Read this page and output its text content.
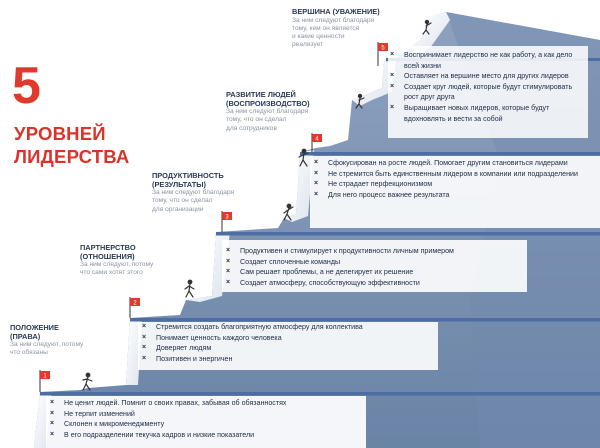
1
2
3
4
5
5
УРОВНЕЙ
ЛИДЕРСТВА
ПОЛОЖЕНИЕ
(ПРАВА)
За ним следуют, потому
что обязаны
ПАРТНЕРСТВО
(ОТНОШЕНИЯ)
За ним следуют, потому
что сами хотят этого
ПРОДУКТИВНОСТЬ
(РЕЗУЛЬТАТЫ)
За ним следуют благодаря
тому, что он сделал
для организации
РАЗВИТИЕ ЛЮДЕЙ
(ВОСПРОИЗВОДСТВО)
За ним следуют благодаря
тому, что он сделал
для сотрудников
ВЕРШИНА (УВАЖЕНИЕ)
За ним следуют благодаря
тому, кем он является
и какие ценности
реализует
× Не ценит людей. Помнит о своих правах, забывая об обязанностях
× Не терпит изменений
× Склонен к микроменеджменту
× В его подразделении текучка кадров и низкие показатели
× Стремится создать благоприятную атмосферу для коллектива
× Понимает ценность каждого человека
× Доверяет людям
× Позитивен и энергичен
× Продуктивен и стимулирует к продуктивности личным примером
× Создает сплоченные команды
× Сам решает проблемы, а не делегирует их решение
× Создает атмосферу, способствующую эффективности
× Сфокусирован на росте людей. Помогает другим становиться лидерами
× Не стремится быть единственным лидером в компании или подразделении
× Не страдает перфекционизмом
× Для него процесс важнее результата
× Воспринимает лидерство не как работу, а как дело всей жизни
× Оставляет на вершине место для других лидеров
× Создает круг людей, которые будут стимулировать рост друг друга
× Выращивает новых лидеров, которые будут вдохновлять и вести за собой
